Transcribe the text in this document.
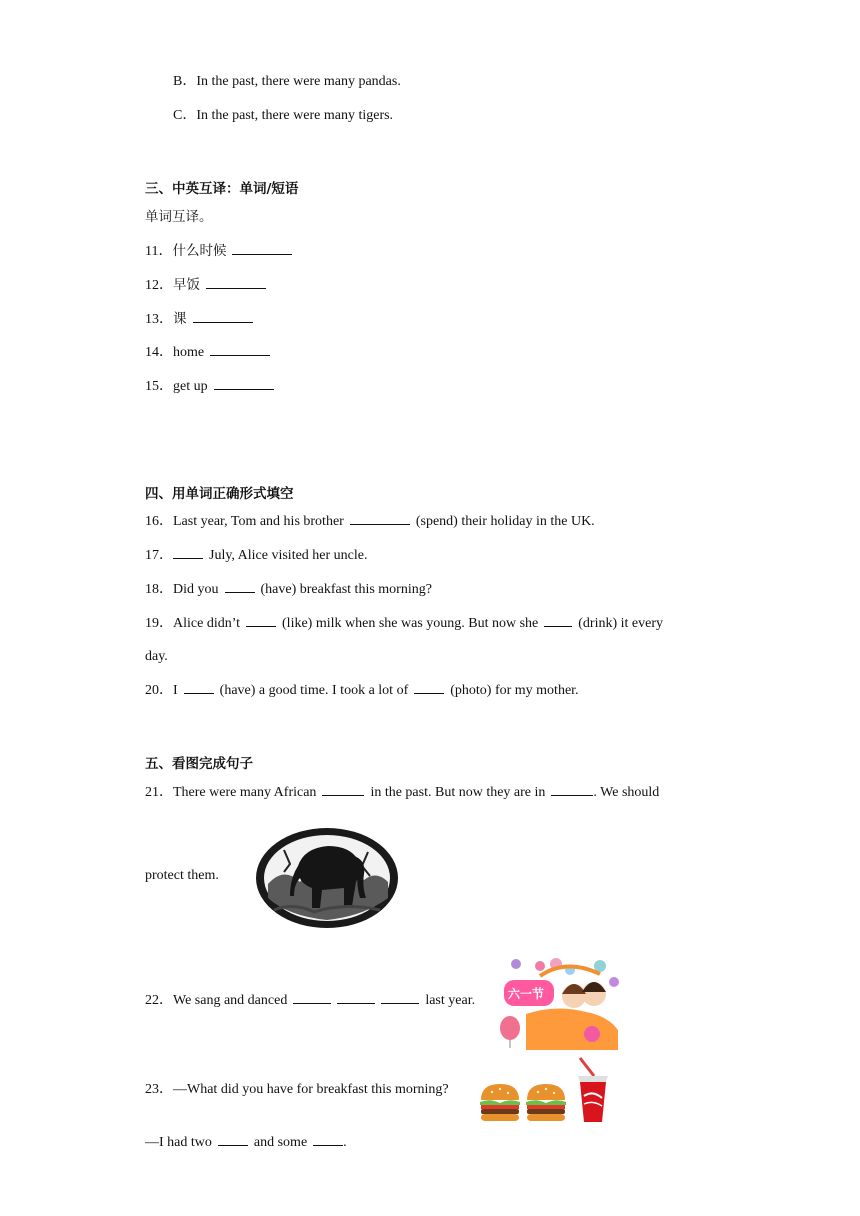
B．In the past, there were many pandas.
C．In the past, there were many tigers.
三、中英互译：单词/短语
单词互译。
11．什么时候
12．早饭
13．课
14．home
15．get up
四、用单词正确形式填空
16．Last year, Tom and his brother	(spend) their holiday in the UK.
17．	July, Alice visited her uncle.
18．Did you	(have) breakfast this morning?
19．Alice didn’t	(like) milk when she was young. But now she	(drink) it every
day.
20．I	(have) a good time. I took a lot of	(photo) for my mother.
五、看图完成句子
21．There were many African	in the past. But now they are in	. We should
protect them.
22．We sang and danced	last year.	六一节
23．—What did you have for breakfast this morning?
—I had two	and some	.
